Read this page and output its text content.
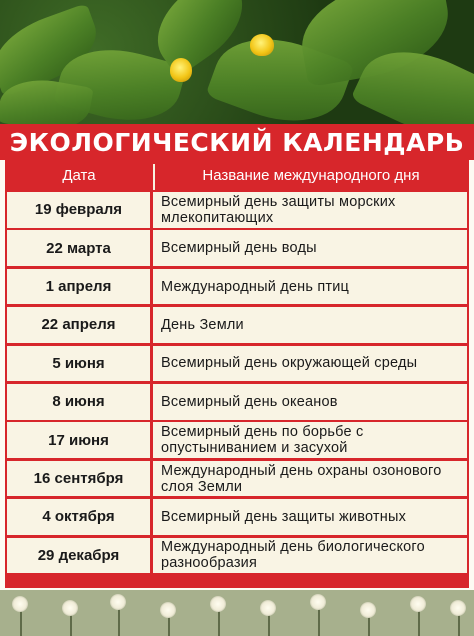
ЭКОЛОГИЧЕСКИЙ КАЛЕНДАРЬ
Дата	Название международного дня
19 февраля	Всемирный день защиты морских млекопитающих
22 марта	Всемирный день воды
1 апреля	Международный день птиц
22 апреля	День Земли
5 июня	Всемирный день окружающей среды
8 июня	Всемирный день океанов
17 июня	Всемирный день по борьбе с опустыниванием и засухой
16 сентября	Международный день охраны озонового слоя Земли
4 октября	Всемирный день защиты животных
29 декабря	Международный день биологического разнообразия
